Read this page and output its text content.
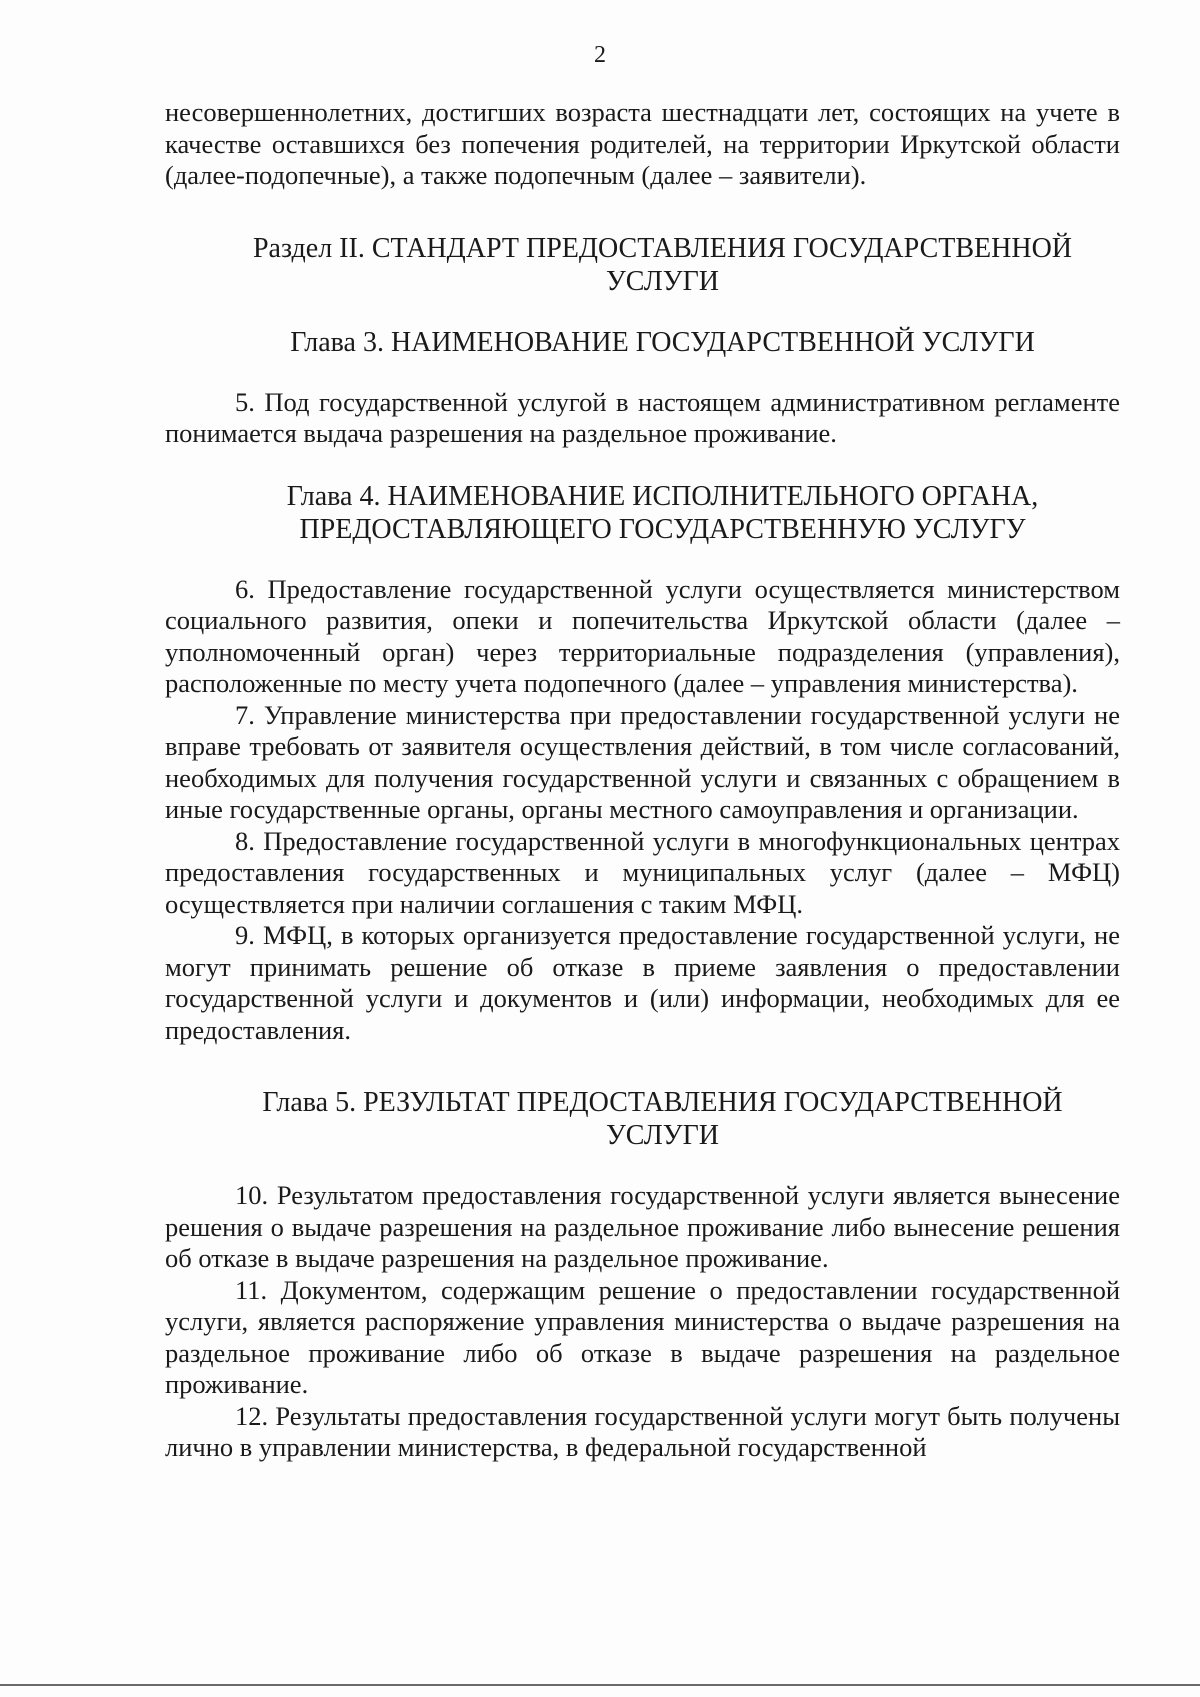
2

несовершеннолетних, достигших возраста шестнадцати лет, состоящих на учете в качестве оставшихся без попечения родителей, на территории Иркутской области (далее-подопечные), а также подопечным (далее – заявители).

Раздел II. СТАНДАРТ ПРЕДОСТАВЛЕНИЯ ГОСУДАРСТВЕННОЙ УСЛУГИ
Глава 3. НАИМЕНОВАНИЕ ГОСУДАРСТВЕННОЙ УСЛУГИ

5. Под государственной услугой в настоящем административном регламенте понимается выдача разрешения на раздельное проживание.

Глава 4. НАИМЕНОВАНИЕ ИСПОЛНИТЕЛЬНОГО ОРГАНА, ПРЕДОСТАВЛЯЮЩЕГО ГОСУДАРСТВЕННУЮ УСЛУГУ

6. Предоставление государственной услуги осуществляется министерством социального развития, опеки и попечительства Иркутской области (далее – уполномоченный орган) через территориальные подразделения (управления), расположенные по месту учета подопечного (далее – управления министерства).

7. Управление министерства при предоставлении государственной услуги не вправе требовать от заявителя осуществления действий, в том числе согласований, необходимых для получения государственной услуги и связанных с обращением в иные государственные органы, органы местного самоуправления и организации.

8. Предоставление государственной услуги в многофункциональных центрах предоставления государственных и муниципальных услуг (далее – МФЦ) осуществляется при наличии соглашения с таким МФЦ.

9. МФЦ, в которых организуется предоставление государственной услуги, не могут принимать решение об отказе в приеме заявления о предоставлении государственной услуги и документов и (или) информации, необходимых для ее предоставления.

Глава 5. РЕЗУЛЬТАТ ПРЕДОСТАВЛЕНИЯ ГОСУДАРСТВЕННОЙ УСЛУГИ

10. Результатом предоставления государственной услуги является вынесение решения о выдаче разрешения на раздельное проживание либо вынесение решения об отказе в выдаче разрешения на раздельное проживание.

11. Документом, содержащим решение о предоставлении государственной услуги, является распоряжение управления министерства о выдаче разрешения на раздельное проживание либо об отказе в выдаче разрешения на раздельное проживание.

12. Результаты предоставления государственной услуги могут быть получены лично в управлении министерства, в федеральной государственной
